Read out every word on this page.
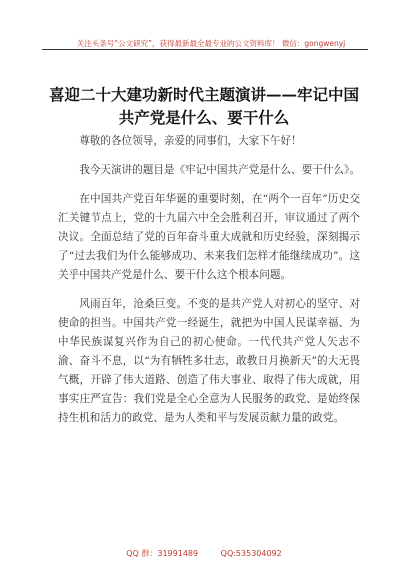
关注头条号“公文研究”，获得最新最全最专业的公文资料库！ 微信：gongwenyj
喜迎二十大建功新时代主题演讲——牢记中国
共产党是什么、要干什么

尊敬的各位领导，亲爱的同事们，大家下午好！

我今天演讲的题目是《牢记中国共产党是什么、要干什么》。

在中国共产党百年华诞的重要时刻，在“两个一百年”历史交汇关键节点上，党的十九届六中全会胜利召开，审议通过了两个决议。全面总结了党的百年奋斗重大成就和历史经验，深刻揭示了“过去我们为什么能够成功、未来我们怎样才能继续成功”。这关乎中国共产党是什么、要干什么这个根本问题。

风雨百年，沧桑巨变。不变的是共产党人对初心的坚守、对使命的担当。中国共产党一经诞生，就把为中国人民谋幸福、为中华民族谋复兴作为自己的初心使命。一代代共产党人矢志不渝、奋斗不息，以“为有牺牲多壮志，敢教日月换新天”的大无畏气概，开辟了伟大道路、创造了伟大事业、取得了伟大成就，用事实庄严宣告：我们党是全心全意为人民服务的政党、是始终保持生机和活力的政党、是为人类和平与发展贡献力量的政党。

QQ 群：31991489	QQ:535304092
